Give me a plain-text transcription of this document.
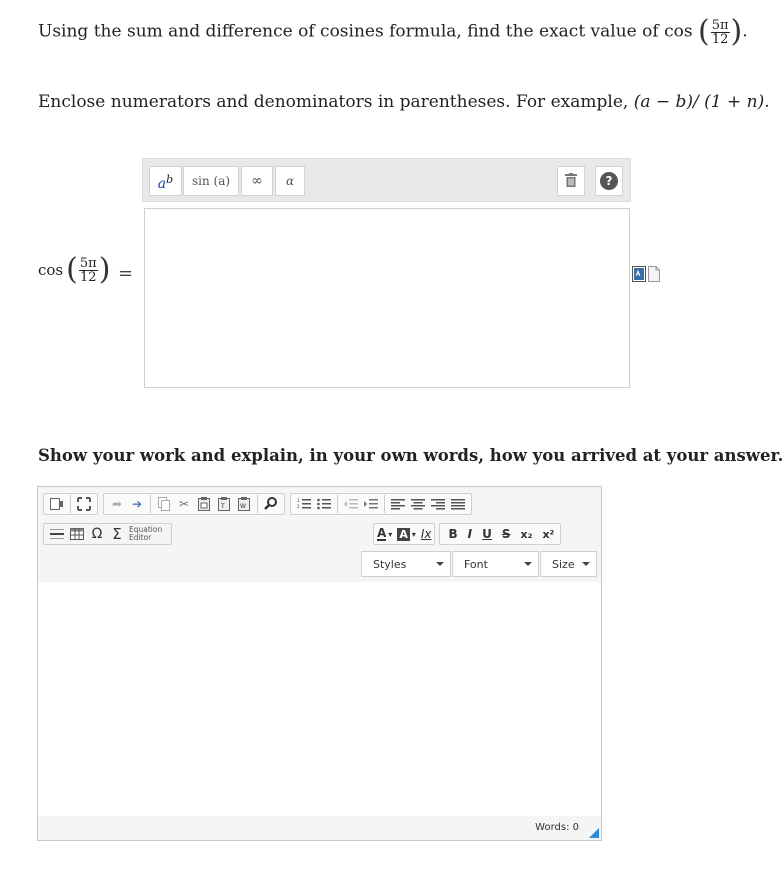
Using the sum and difference of cosines formula, find the exact value of cos ( $\frac{5\pi}{12}$ ).
Enclose numerators and denominators in parentheses. For example, (a − b)/ (1 + n).
$a^b$	sin (a)	∞	α	?
cos ( $\frac{5\pi}{12}$ ) =
Show your work and explain, in your own words, how you arrived at your answer.
Words: 0
➦ ➔	✂	T	W
1
2
Ω Σ Equation
Editor	A ▾ A ▾ Ix B I U S x₂ x²
Styles	Font	Size
